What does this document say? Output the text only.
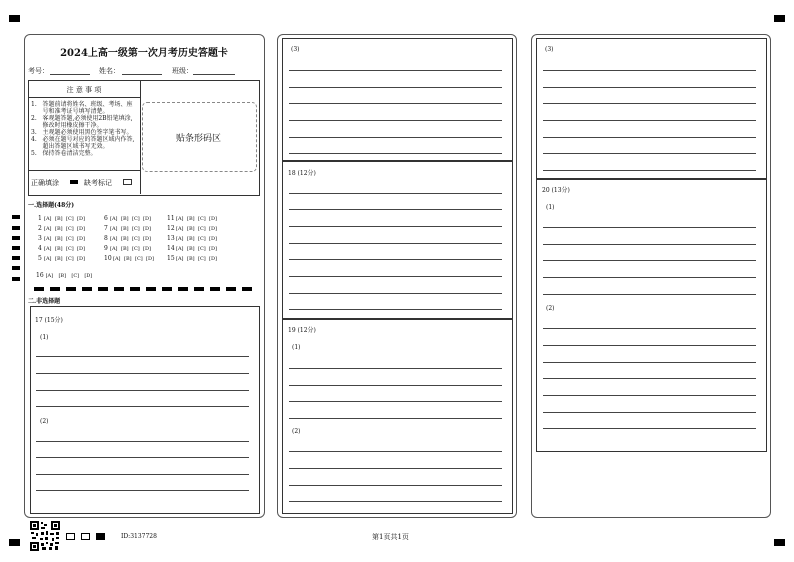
2024上高一级第一次月考历史答题卡
考号：	姓名：	班级：
注 意 事 项
1.   答题前请将姓名、班级、考场、座
号和准考证号填写清楚。
2.   客观题答题,必须使用2B铅笔填涂,
修改时用橡皮擦干净。
3.   主观题必须使用黑色签字笔书写。
4.   必须在题号对应的答题区域内作答,
超出答题区域书写无效。
5.   保持答卷清洁完整。
正确填涂	缺考标记
贴条形码区
一.选择题(48分)
1 [A] [B] [C] [D]
2 [A] [B] [C] [D]
3 [A] [B] [C] [D]
4 [A] [B] [C] [D]
5 [A] [B] [C] [D]
6 [A] [B] [C] [D]
7 [A] [B] [C] [D]
8 [A] [B] [C] [D]
9 [A] [B] [C] [D]
10[A] [B] [C] [D]
11[A] [B] [C] [D]
12[A] [B] [C] [D]
13[A] [B] [C] [D]
14[A] [B] [C] [D]
15[A] [B] [C] [D]
16 [A] [B] [C] [D]
二.非选择题
17 (15分)
(1)
(2)
(3)
18 (12分)
19 (12分)
(1)
(2)
(3)
20 (13分)
(1)
(2)
ID:3137728	第1页共1页
